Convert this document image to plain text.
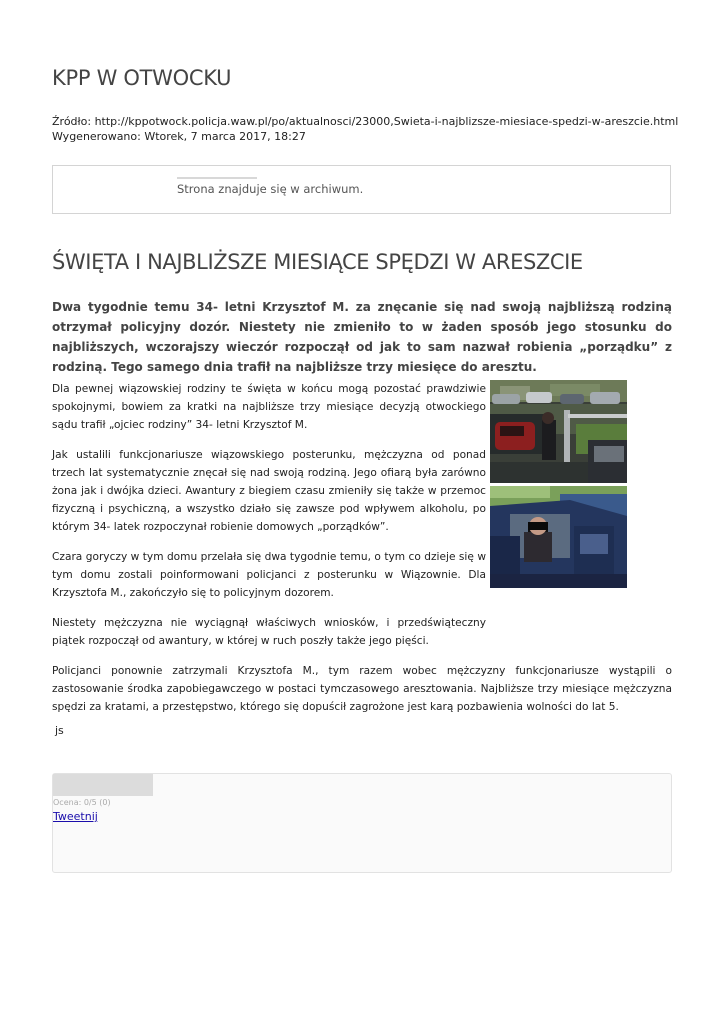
KPP W OTWOCKU
Źródło: http://kppotwock.policja.waw.pl/po/aktualnosci/23000,Swieta-i-najblizsze-miesiace-spedzi-w-areszcie.html
Wygenerowano: Wtorek, 7 marca 2017, 18:27
Strona znajduje się w archiwum.
ŚWIĘTA I NAJBLIŻSZE MIESIĄCE SPĘDZI W ARESZCIE

Dwa tygodnie temu 34- letni Krzysztof M. za znęcanie się nad swoją najbliższą rodziną otrzymał policyjny dozór. Niestety nie zmieniło to w żaden sposób jego stosunku do najbliższych, wczorajszy wieczór rozpoczął od jak to sam nazwał robienia „porządku” z rodziną. Tego samego dnia trafił na najbliższe trzy miesięce do aresztu.

Dla pewnej wiązowskiej rodziny te święta w końcu mogą pozostać prawdziwie spokojnymi, bowiem za kratki na najbliższe trzy miesiące decyzją otwockiego sądu trafił „ojciec rodziny” 34- letni Krzysztof M.

Jak ustalili funkcjonariusze wiązowskiego posterunku, mężczyzna od ponad trzech lat systematycznie znęcał się nad swoją rodziną. Jego ofiarą była zarówno żona jak i dwójka dzieci. Awantury z biegiem czasu zmieniły się także w przemoc fizyczną i psychiczną, a wszystko działo się zawsze pod wpływem alkoholu, po którym 34- latek rozpoczynał robienie domowych „porządków”.

Czara goryczy w tym domu przelała się dwa tygodnie temu, o tym co dzieje się w tym domu zostali poinformowani policjanci z posterunku w Wiązownie. Dla Krzysztofa M., zakończyło się to policyjnym dozorem.

Niestety mężczyzna nie wyciągnął właściwych wniosków, i przedświąteczny piątek rozpoczął od awantury, w której w ruch poszły także jego pięści.

Policjanci ponownie zatrzymali Krzysztofa M., tym razem wobec mężczyzny funkcjonariusze wystąpili o zastosowanie środka zapobiegawczego w postaci tymczasowego aresztowania. Najbliższe trzy miesiące mężczyzna spędzi za kratami, a przestępstwo, którego się dopuścił zagrożone jest karą pozbawienia wolności do lat 5.

js
Ocena: 0/5 (0)
Tweetnij
